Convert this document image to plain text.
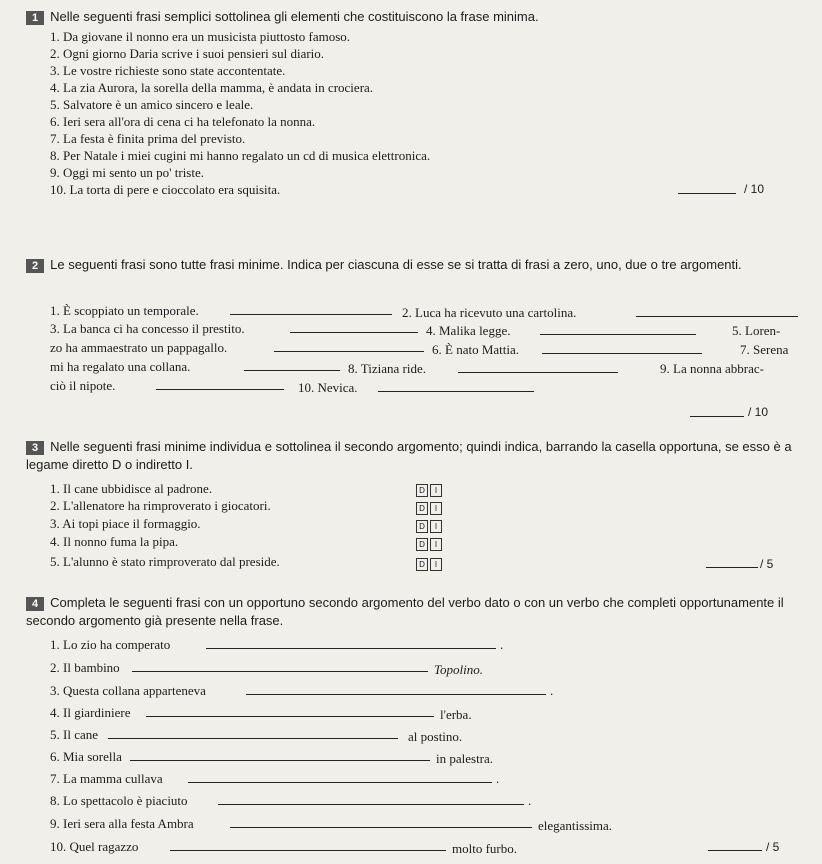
1 Nelle seguenti frasi semplici sottolinea gli elementi che costituiscono la frase minima.
1. Da giovane il nonno era un musicista piuttosto famoso.
2. Ogni giorno Daria scrive i suoi pensieri sul diario.
3. Le vostre richieste sono state accontentate.
4. La zia Aurora, la sorella della mamma, è andata in crociera.
5. Salvatore è un amico sincero e leale.
6. Ieri sera all'ora di cena ci ha telefonato la nonna.
7. La festa è finita prima del previsto.
8. Per Natale i miei cugini mi hanno regalato un cd di musica elettronica.
9. Oggi mi sento un po' triste.
10. La torta di pere e cioccolato era squisita.	/ 10
2 Le seguenti frasi sono tutte frasi minime. Indica per ciascuna di esse se si tratta di frasi a zero, uno, due o tre argomenti.
1. È scoppiato un temporale.	2. Luca ha ricevuto una cartolina.
3. La banca ci ha concesso il prestito.	4. Malika legge.	5. Loren-
zo ha ammaestrato un pappagallo.	6. È nato Mattia.	7. Serena
mi ha regalato una collana.	8. Tiziana ride.	9. La nonna abbrac-
ciò il nipote.	10. Nevica.
/ 10
3 Nelle seguenti frasi minime individua e sottolinea il secondo argomento; quindi indica, barrando la casella opportuna, se esso è a legame diretto D o indiretto I.
1. Il cane ubbidisce al padrone.	D I
2. L'allenatore ha rimproverato i giocatori.	D I
3. Ai topi piace il formaggio.	D I
4. Il nonno fuma la pipa.	D I
5. L'alunno è stato rimproverato dal preside.	D I	/ 5
4 Completa le seguenti frasi con un opportuno secondo argomento del verbo dato o con un verbo che completi opportunamente il secondo argomento già presente nella frase.
1. Lo zio ha comperato	.
2. Il bambino	Topolino.
3. Questa collana apparteneva	.
4. Il giardiniere	l'erba.
5. Il cane	al postino.
6. Mia sorella	in palestra.
7. La mamma cullava	.
8. Lo spettacolo è piaciuto	.
9. Ieri sera alla festa Ambra	elegantissima.
10. Quel ragazzo	molto furbo.	/ 5
